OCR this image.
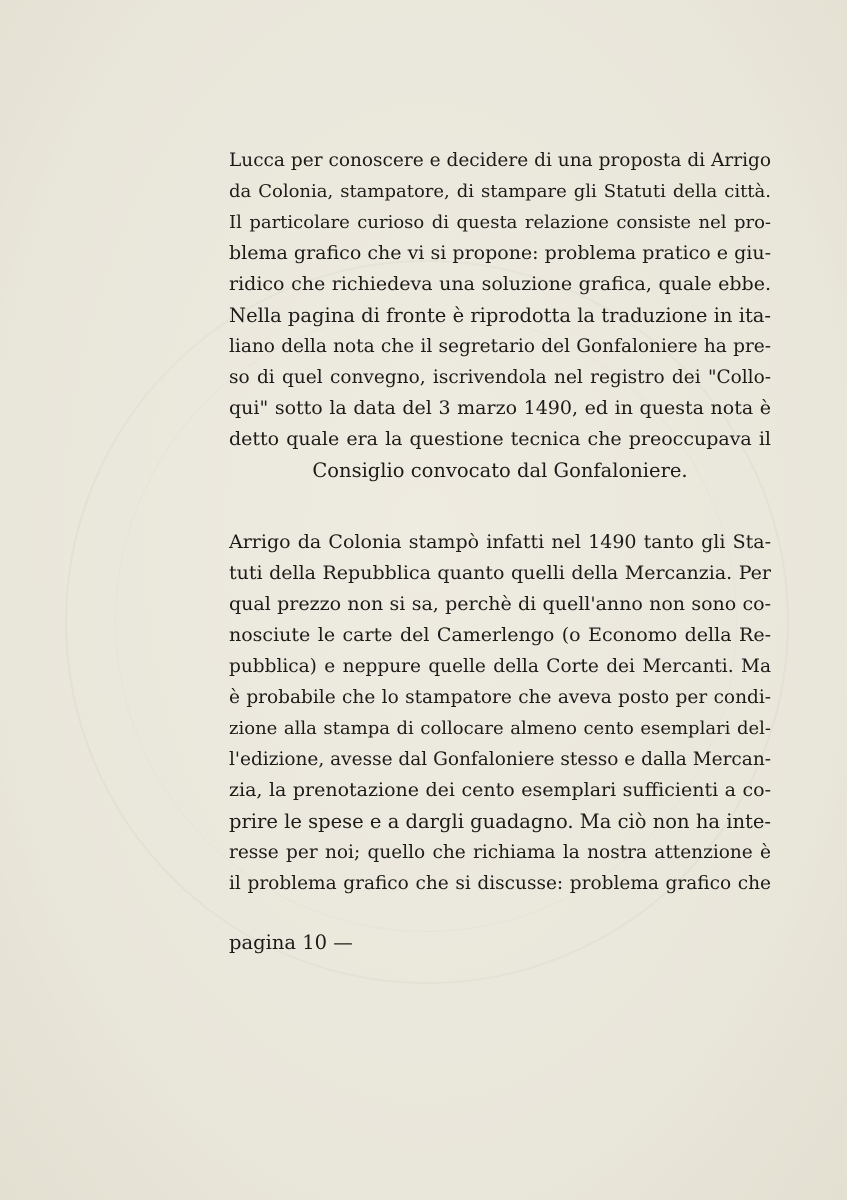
Lucca per conoscere e decidere di una proposta di Arrigo
da Colonia, stampatore, di stampare gli Statuti della città.
Il particolare curioso di questa relazione consiste nel pro-
blema grafico che vi si propone: problema pratico e giu-
ridico che richiedeva una soluzione grafica, quale ebbe.
Nella pagina di fronte è riprodotta la traduzione in ita-
liano della nota che il segretario del Gonfaloniere ha pre-
so di quel convegno, iscrivendola nel registro dei "Collo-
qui" sotto la data del 3 marzo 1490, ed in questa nota è
detto quale era la questione tecnica che preoccupava il
Consiglio convocato dal Gonfaloniere.
Arrigo da Colonia stampò infatti nel 1490 tanto gli Sta-
tuti della Repubblica quanto quelli della Mercanzia. Per
qual prezzo non si sa, perchè di quell'anno non sono co-
nosciute le carte del Camerlengo (o Economo della Re-
pubblica) e neppure quelle della Corte dei Mercanti. Ma
è probabile che lo stampatore che aveva posto per condi-
zione alla stampa di collocare almeno cento esemplari del-
l'edizione, avesse dal Gonfaloniere stesso e dalla Mercan-
zia, la prenotazione dei cento esemplari sufficienti a co-
prire le spese e a dargli guadagno. Ma ciò non ha inte-
resse per noi; quello che richiama la nostra attenzione è
il problema grafico che si discusse: problema grafico che
pagina 10 —
